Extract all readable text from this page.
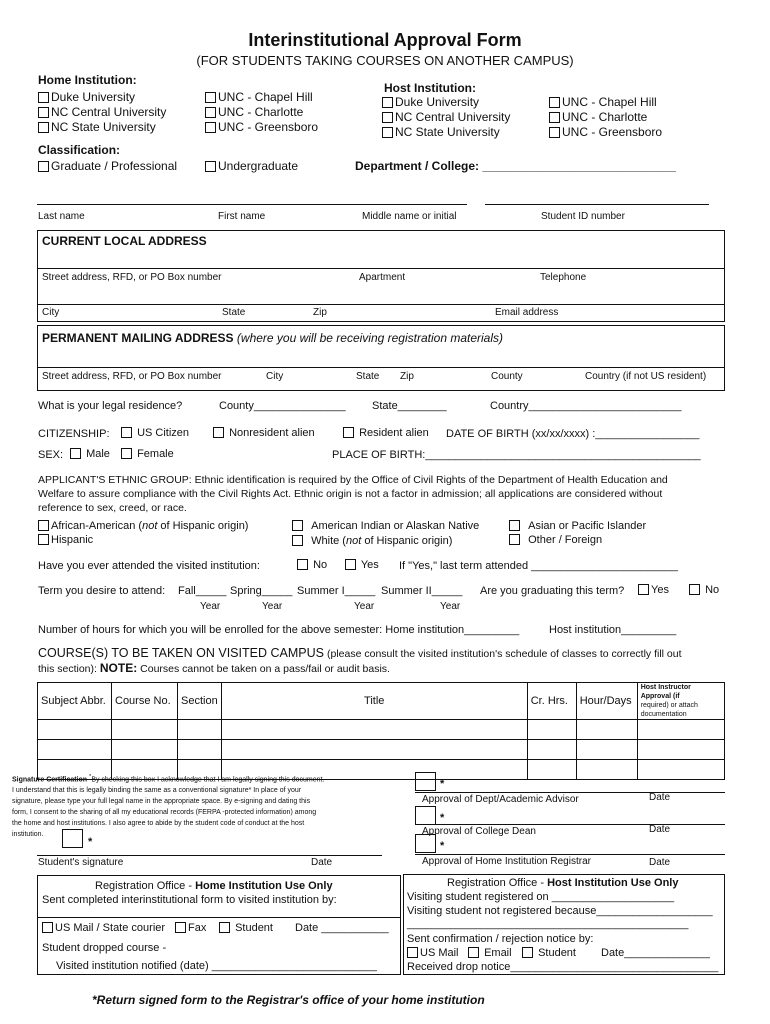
Interinstitutional Approval Form
(FOR STUDENTS TAKING COURSES ON ANOTHER CAMPUS)
Home Institution:
Duke University
NC Central University
NC State University
UNC - Chapel Hill
UNC - Charlotte
UNC - Greensboro
Host Institution:
Duke University
NC Central University
NC State University
UNC - Chapel Hill
UNC - Charlotte
UNC - Greensboro
Classification:
Graduate / Professional	Undergraduate	Department / College: _____________________________
Last name	First name	Middle name or initial	Student ID number
CURRENT LOCAL ADDRESS
Street address, RFD, or PO Box number	Apartment	Telephone
City	State	Zip	Email address
PERMANENT MAILING ADDRESS (where you will be receiving registration materials)
Street address, RFD, or PO Box number	City	State Zip	County	Country (if not US resident)
What is your legal residence?	County_______________ State________	Country_________________________
CITIZENSHIP:	US Citizen	Nonresident alien	Resident alien DATE OF BIRTH (xx/xx/xxxx) :_________________
SEX:	Male	Female	PLACE OF BIRTH:_____________________________________________
APPLICANT'S ETHNIC GROUP: Ethnic identification is required by the Office of Civil Rights of the Department of Health Education and
Welfare to assure compliance with the Civil Rights Act. Ethnic origin is not a factor in admission; all applications are considered without
reference to sex, creed, or race.
African-American (not of Hispanic origin)
Hispanic
American Indian or Alaskan Native
White (not of Hispanic origin)
Asian or Pacific Islander
Other / Foreign
Have you ever attended the visited institution:	No	Yes If "Yes," last term attended ________________________
Term you desire to attend: Fall_____ Spring_____ Summer I_____ Summer II_____
Year	Year	Year	Year
Are you graduating this term?	Yes	No
Number of hours for which you will be enrolled for the above semester: Home institution_________	Host institution_________
COURSE(S) TO BE TAKEN ON VISITED CAMPUS (please consult the visited institution's schedule of classes to correctly fill out
this section): NOTE: Courses cannot be taken on a pass/fail or audit basis.
Subject Abbr.	Course No.	Section	Title	Cr. Hrs.	Hour/Days	Host Instructor Approval (if
required) or attach documentation

Signature Certification *By checking this box I acknowledge that I am legally signing this document.
I understand that this is legally binding the same as a conventional signature* In place of your
signature, please type your full legal name in the appropriate space. By e-signing and dating this
form, I consent to the sharing of all my educational records (FERPA -protected information) among
the home and host institutions. I also agree to abide by the student code of conduct at the host
institution.
*
Student's signature	Date
*
Approval of Dept/Academic Advisor	Date
*
Approval of College Dean	Date
*
Approval of Home Institution Registrar	Date
Registration Office - Home Institution Use Only
Sent completed interinstitutional form to visited institution by:
US Mail / State courier	Fax	Student Date ___________
Student dropped course -
Visited institution notified (date) ___________________________
Registration Office - Host Institution Use Only
Visiting student registered on ____________________
Visiting student not registered because___________________
______________________________________________
Sent confirmation / rejection notice by:
US Mail	Email	Student Date______________
Received drop notice__________________________________
*Return signed form to the Registrar's office of your home institution
